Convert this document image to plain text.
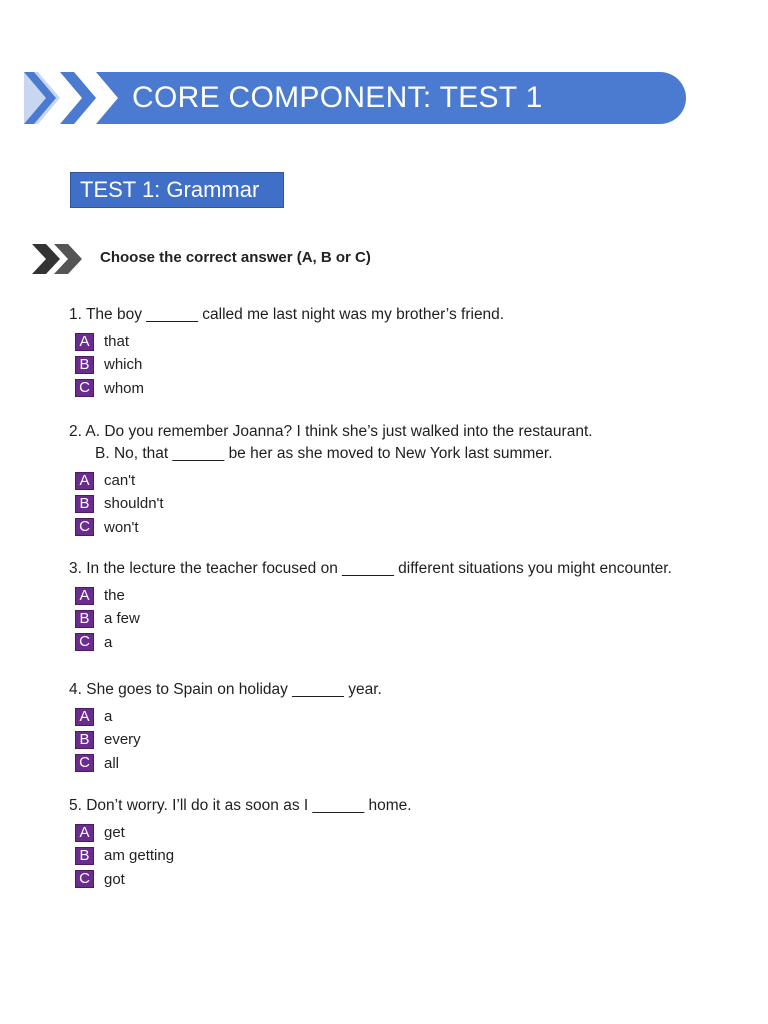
CORE COMPONENT: TEST 1
TEST 1: Grammar
Choose the correct answer (A, B or C)
1. The boy ______ called me last night was my brother’s friend.
A that
B which
C whom
2. A. Do you remember Joanna? I think she’s just walked into the restaurant.
B. No, that ______ be her as she moved to New York last summer.
A can't
B shouldn't
C won't
3. In the lecture the teacher focused on ______ different situations you might encounter.
A the
B a few
C a
4. She goes to Spain on holiday ______ year.
A a
B every
C all
5. Don’t worry. I’ll do it as soon as I ______ home.
A get
B am getting
C got
